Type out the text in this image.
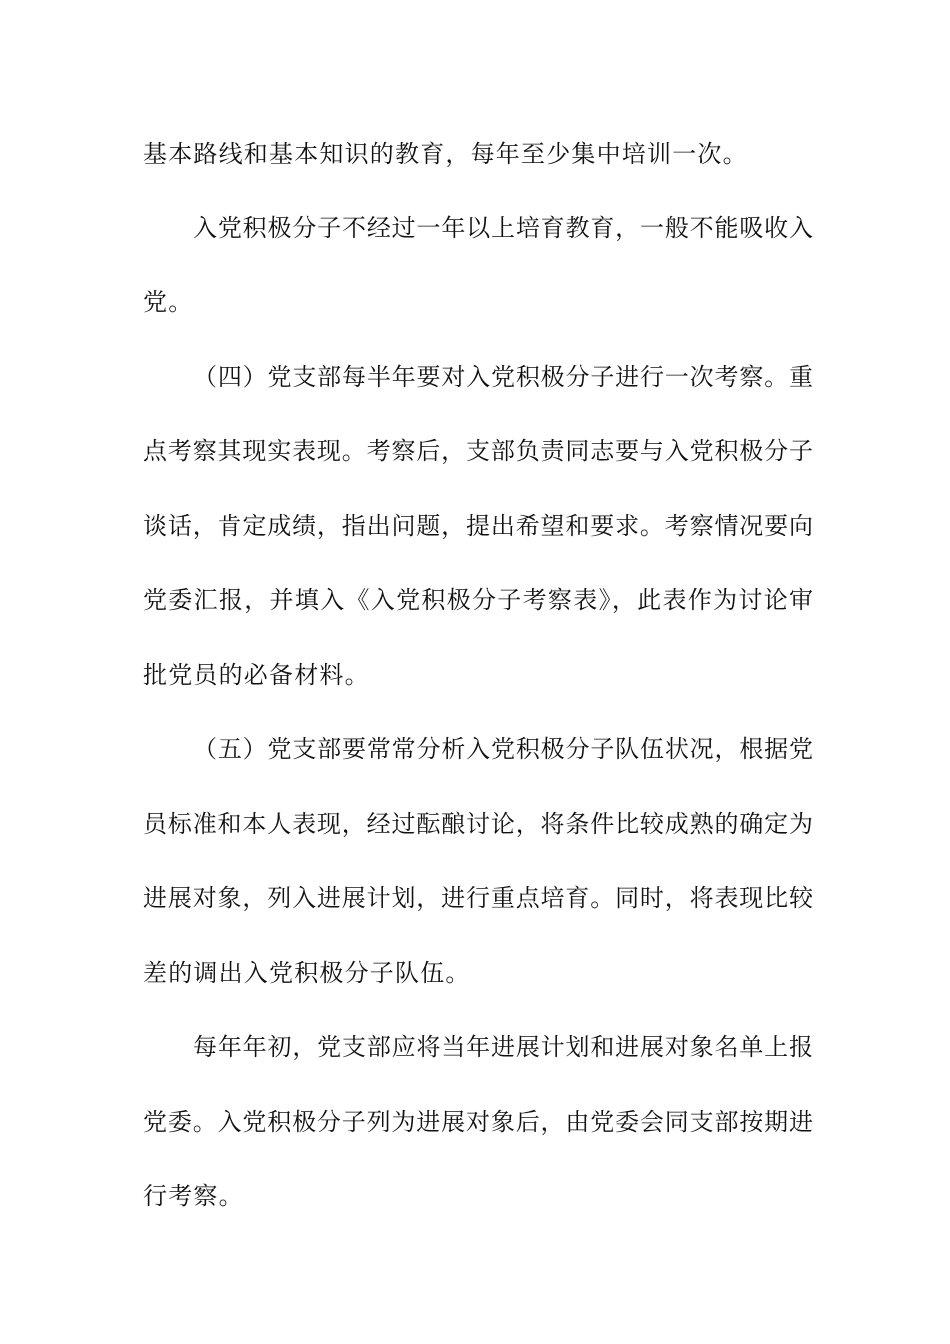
基本路线和基本知识的教育，每年至少集中培训一次。
入党积极分子不经过一年以上培育教育，一般不能吸收入
党。
（四）党支部每半年要对入党积极分子进行一次考察。重
点考察其现实表现。考察后，支部负责同志要与入党积极分子
谈话，肯定成绩，指出问题，提出希望和要求。考察情况要向
党委汇报，并填入《入党积极分子考察表》，此表作为讨论审
批党员的必备材料。
（五）党支部要常常分析入党积极分子队伍状况，根据党
员标准和本人表现，经过酝酿讨论，将条件比较成熟的确定为
进展对象，列入进展计划，进行重点培育。同时，将表现比较
差的调出入党积极分子队伍。
每年年初，党支部应将当年进展计划和进展对象名单上报
党委。入党积极分子列为进展对象后，由党委会同支部按期进
行考察。
